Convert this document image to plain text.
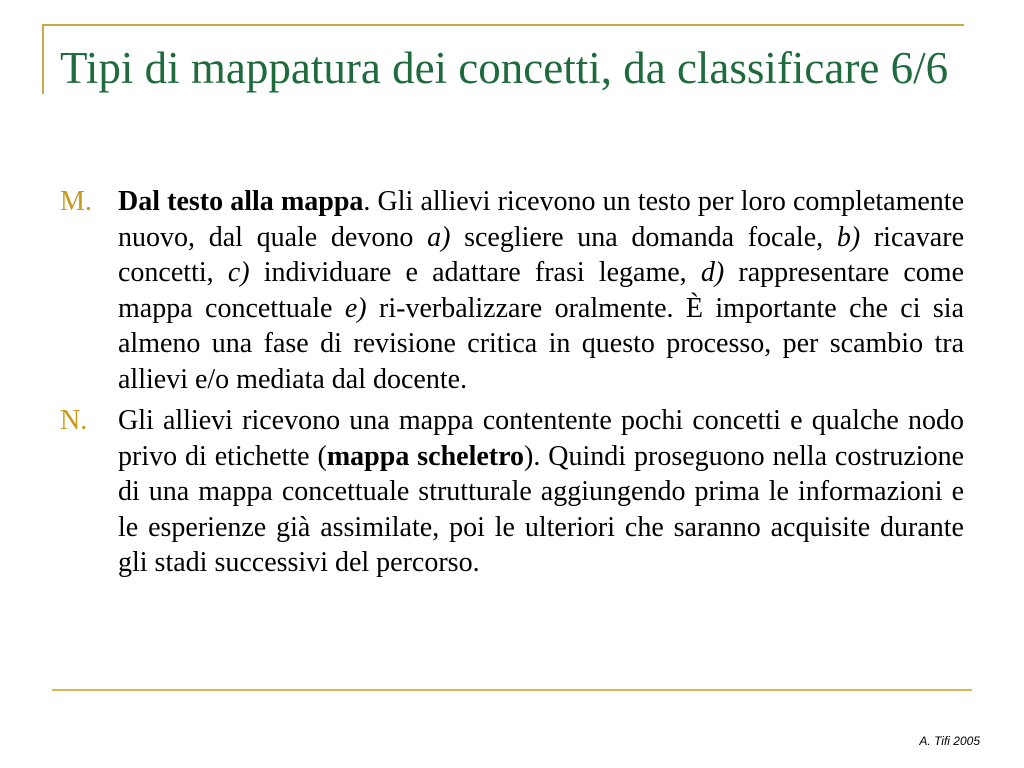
Tipi di mappatura dei concetti, da classificare 6/6
M. Dal testo alla mappa. Gli allievi ricevono un testo per loro completamente nuovo, dal quale devono a) scegliere una domanda focale, b) ricavare concetti, c) individuare e adattare frasi legame, d) rappresentare come mappa concettuale e) ri-verbalizzare oralmente. È importante che ci sia almeno una fase di revisione critica in questo processo, per scambio tra allievi e/o mediata dal docente.
N.	Gli allievi ricevono una mappa contentente pochi concetti e qualche nodo privo di etichette (mappa scheletro). Quindi proseguono nella costruzione di una mappa concettuale strutturale aggiungendo prima le informazioni e le esperienze già assimilate, poi le ulteriori che saranno acquisite durante gli stadi successivi del percorso.
A. Tifi 2005
